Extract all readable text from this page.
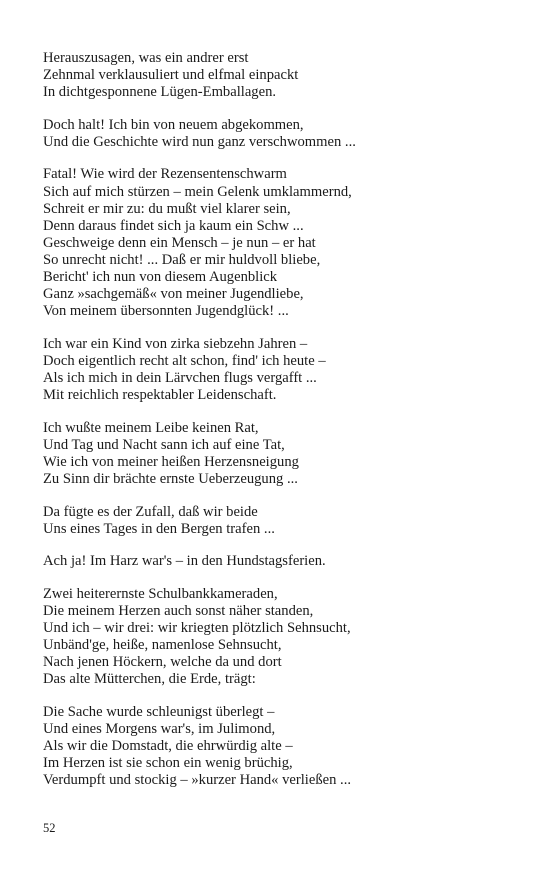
Herauszusagen, was ein andrer erst
Zehnmal verklausuliert und elfmal einpackt
In dichtgesponnene Lügen-Emballagen.
Doch halt! Ich bin von neuem abgekommen,
Und die Geschichte wird nun ganz verschwommen ...
Fatal! Wie wird der Rezensentenschwarm
Sich auf mich stürzen – mein Gelenk umklammernd,
Schreit er mir zu: du mußt viel klarer sein,
Denn daraus findet sich ja kaum ein Schw ...
Geschweige denn ein Mensch – je nun – er hat
So unrecht nicht! ... Daß er mir huldvoll bliebe,
Bericht' ich nun von diesem Augenblick
Ganz »sachgemäß« von meiner Jugendliebe,
Von meinem übersonnten Jugendglück! ...
Ich war ein Kind von zirka siebzehn Jahren –
Doch eigentlich recht alt schon, find' ich heute –
Als ich mich in dein Lärvchen flugs vergafft ...
Mit reichlich respektabler Leidenschaft.
Ich wußte meinem Leibe keinen Rat,
Und Tag und Nacht sann ich auf eine Tat,
Wie ich von meiner heißen Herzensneigung
Zu Sinn dir brächte ernste Ueberzeugung ...
Da fügte es der Zufall, daß wir beide
Uns eines Tages in den Bergen trafen ...
Ach ja! Im Harz war's – in den Hundstagsferien.
Zwei heiterernste Schulbankkameraden,
Die meinem Herzen auch sonst näher standen,
Und ich – wir drei: wir kriegten plötzlich Sehnsucht,
Unbänd'ge, heiße, namenlose Sehnsucht,
Nach jenen Höckern, welche da und dort
Das alte Mütterchen, die Erde, trägt:
Die Sache wurde schleunigst überlegt –
Und eines Morgens war's, im Julimond,
Als wir die Domstadt, die ehrwürdig alte –
Im Herzen ist sie schon ein wenig brüchig,
Verdumpft und stockig – »kurzer Hand« verließen ...
52
